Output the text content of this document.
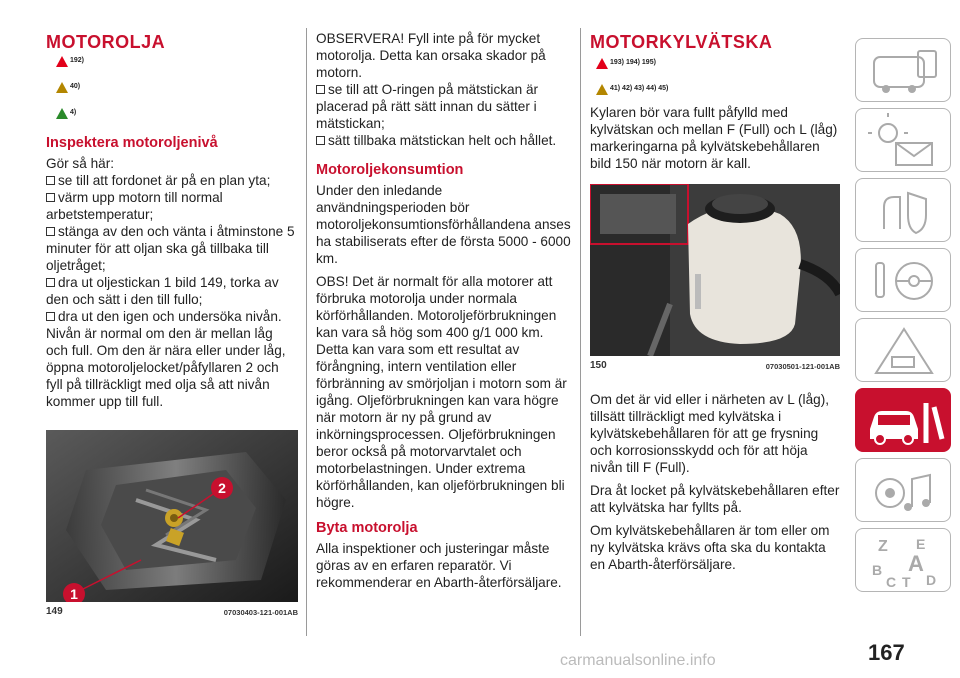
MOTOROLJA
192)
40)
4)
Inspektera motoroljenivå

Gör så här:

se till att fordonet är på en plan yta;

värm upp motorn till normal arbetstemperatur;

stänga av den och vänta i åtminstone 5 minuter för att oljan ska gå tillbaka till oljetråget;

dra ut oljestickan 1 bild 149, torka av den och sätt i den till fullo;

dra ut den igen och undersöka nivån. Nivån är normal om den är mellan låg och full. Om den är nära eller under låg, öppna motoroljelocket/påfyllaren 2 och fyll på tillräckligt med olja så att nivån kommer upp till full.

1
2
149	07030403-121-001AB

OBSERVERA! Fyll inte på för mycket motorolja. Detta kan orsaka skador på motorn.

se till att O-ringen på mätstickan är placerad på rätt sätt innan du sätter i mätstickan;

sätt tillbaka mätstickan helt och hållet.

Motoroljekonsumtion

Under den inledande användningsperioden bör motoroljekonsumtionsförhållandena anses ha stabiliserats efter de första 5000 - 6000 km.

OBS! Det är normalt för alla motorer att förbruka motorolja under normala körförhållanden. Motoroljeförbrukningen kan vara så hög som 400 g/1 000 km. Detta kan vara som ett resultat av förångning, intern ventilation eller förbränning av smörjoljan i motorn som är igång. Oljeförbrukningen kan vara högre när motorn är ny på grund av inkörningsprocessen. Oljeförbrukningen beror också på motorvarvtalet och motorbelastningen. Under extrema körförhållanden, kan oljeförbrukningen bli högre.

Byta motorolja

Alla inspektioner och justeringar måste göras av en erfaren reparatör. Vi rekommenderar en Abarth-återförsäljare.

MOTORKYLVÄTSKA
193) 194) 195)
41) 42) 43) 44) 45)

Kylaren bör vara fullt påfylld med kylvätskan och mellan F (Full) och L (låg) markeringarna på kylvätskebehållaren bild 150 när motorn är kall.

150	07030501-121-001AB

Om det är vid eller i närheten av L (låg), tillsätt tillräckligt med kylvätska i kylvätskebehållaren för att ge frysning och korrosionsskydd och för att höja nivån till F (Full).

Dra åt locket på kylvätskebehållaren efter att kylvätska har fyllts på.

Om kylvätskebehållaren är tom eller om ny kylvätska krävs ofta ska du kontakta en Abarth-återförsäljare.

Z E
B A
C T D
carmanualsonline.info	167
